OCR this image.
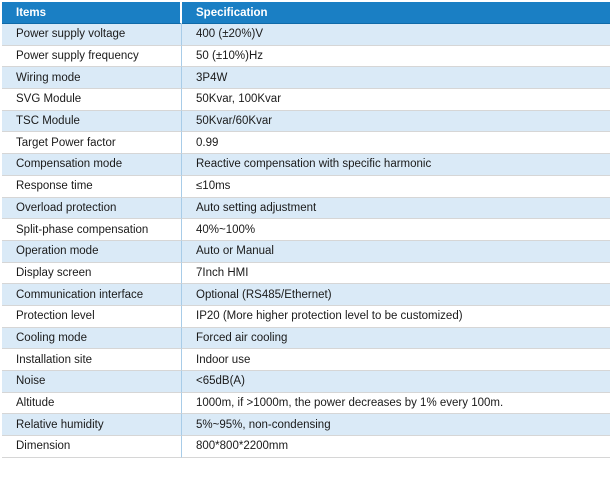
Items	Specification
Power supply voltage	400 (±20%)V
Power supply frequency	50 (±10%)Hz
Wiring mode	3P4W
SVG Module	50Kvar, 100Kvar
TSC Module	50Kvar/60Kvar
Target Power factor	0.99
Compensation mode	Reactive compensation with specific harmonic
Response time	≤10ms
Overload protection	Auto setting adjustment
Split-phase compensation	40%~100%
Operation mode	Auto or Manual
Display screen	7Inch HMI
Communication interface	Optional (RS485/Ethernet)
Protection level	IP20 (More higher protection level to be customized)
Cooling mode	Forced air cooling
Installation site	Indoor use
Noise	<65dB(A)
Altitude	1000m, if >1000m, the power decreases by 1% every 100m.
Relative humidity	5%~95%, non-condensing
Dimension	800*800*2200mm
